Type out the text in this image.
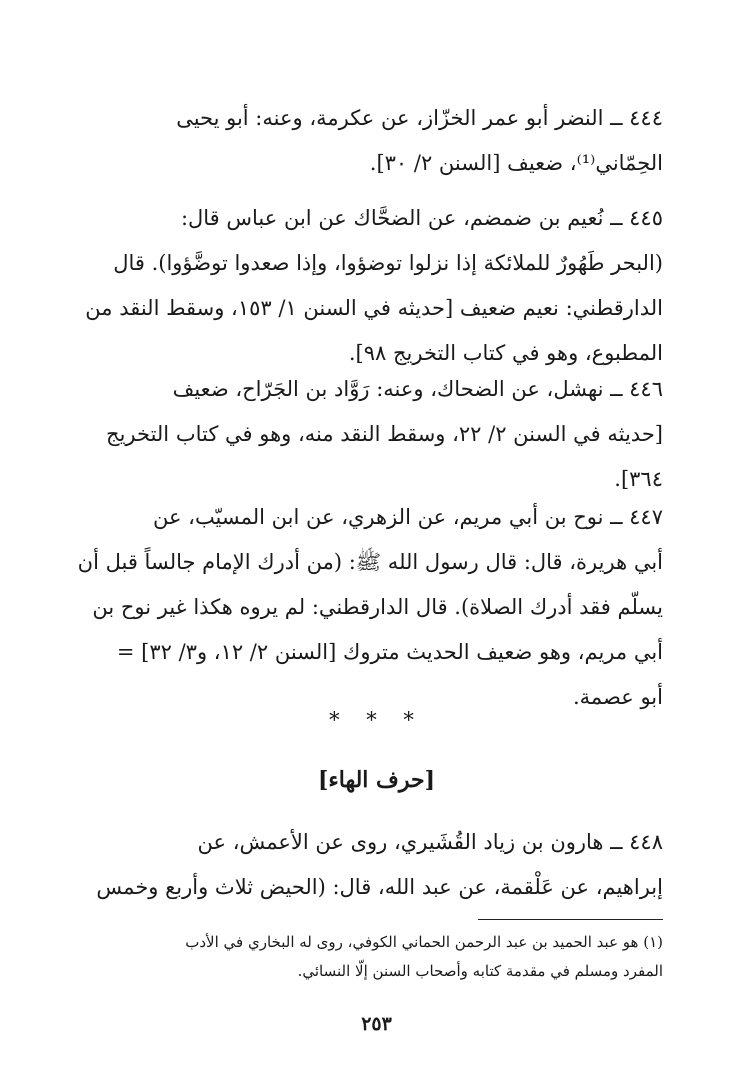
٤٤٤ ــ النضر أبو عمر الخزّاز، عن عكرمة، وعنه: أبو يحيى
الحِمّاني⁽¹⁾، ضعيف [السنن ٢/ ٣٠].
٤٤٥ ــ نُعيم بن ضمضم، عن الضحَّاك عن ابن عباس قال:
(البحر طَهُورٌ للملائكة إذا نزلوا توضؤوا، وإذا صعدوا توضَّؤوا). قال
الدارقطني: نعيم ضعيف [حديثه في السنن ١/ ١٥٣، وسقط النقد من
المطبوع، وهو في كتاب التخريج ٩٨].
٤٤٦ ــ نهشل، عن الضحاك، وعنه: رَوَّاد بن الجَرّاح، ضعيف
[حديثه في السنن ٢/ ٢٢، وسقط النقد منه، وهو في كتاب التخريج
٣٦٤].
٤٤٧ ــ نوح بن أبي مريم، عن الزهري، عن ابن المسيّب، عن
أبي هريرة، قال: قال رسول الله ﷺ: (من أدرك الإمام جالساً قبل أن
يسلّم فقد أدرك الصلاة). قال الدارقطني: لم يروه هكذا غير نوح بن
أبي مريم، وهو ضعيف الحديث متروك [السنن ٢/ ١٢، و٣/ ٣٢] =
أبو عصمة.
* * *
[حرف الهاء]
٤٤٨ ــ هارون بن زياد القُشَيري، روى عن الأعمش، عن
إبراهيم، عن عَلْقمة، عن عبد الله، قال: (الحيض ثلاث وأربع وخمس
(١) هو عبد الحميد بن عبد الرحمن الحماني الكوفي، روى له البخاري في الأدب
المفرد ومسلم في مقدمة كتابه وأصحاب السنن إلّا النسائي.
٢٥٣
